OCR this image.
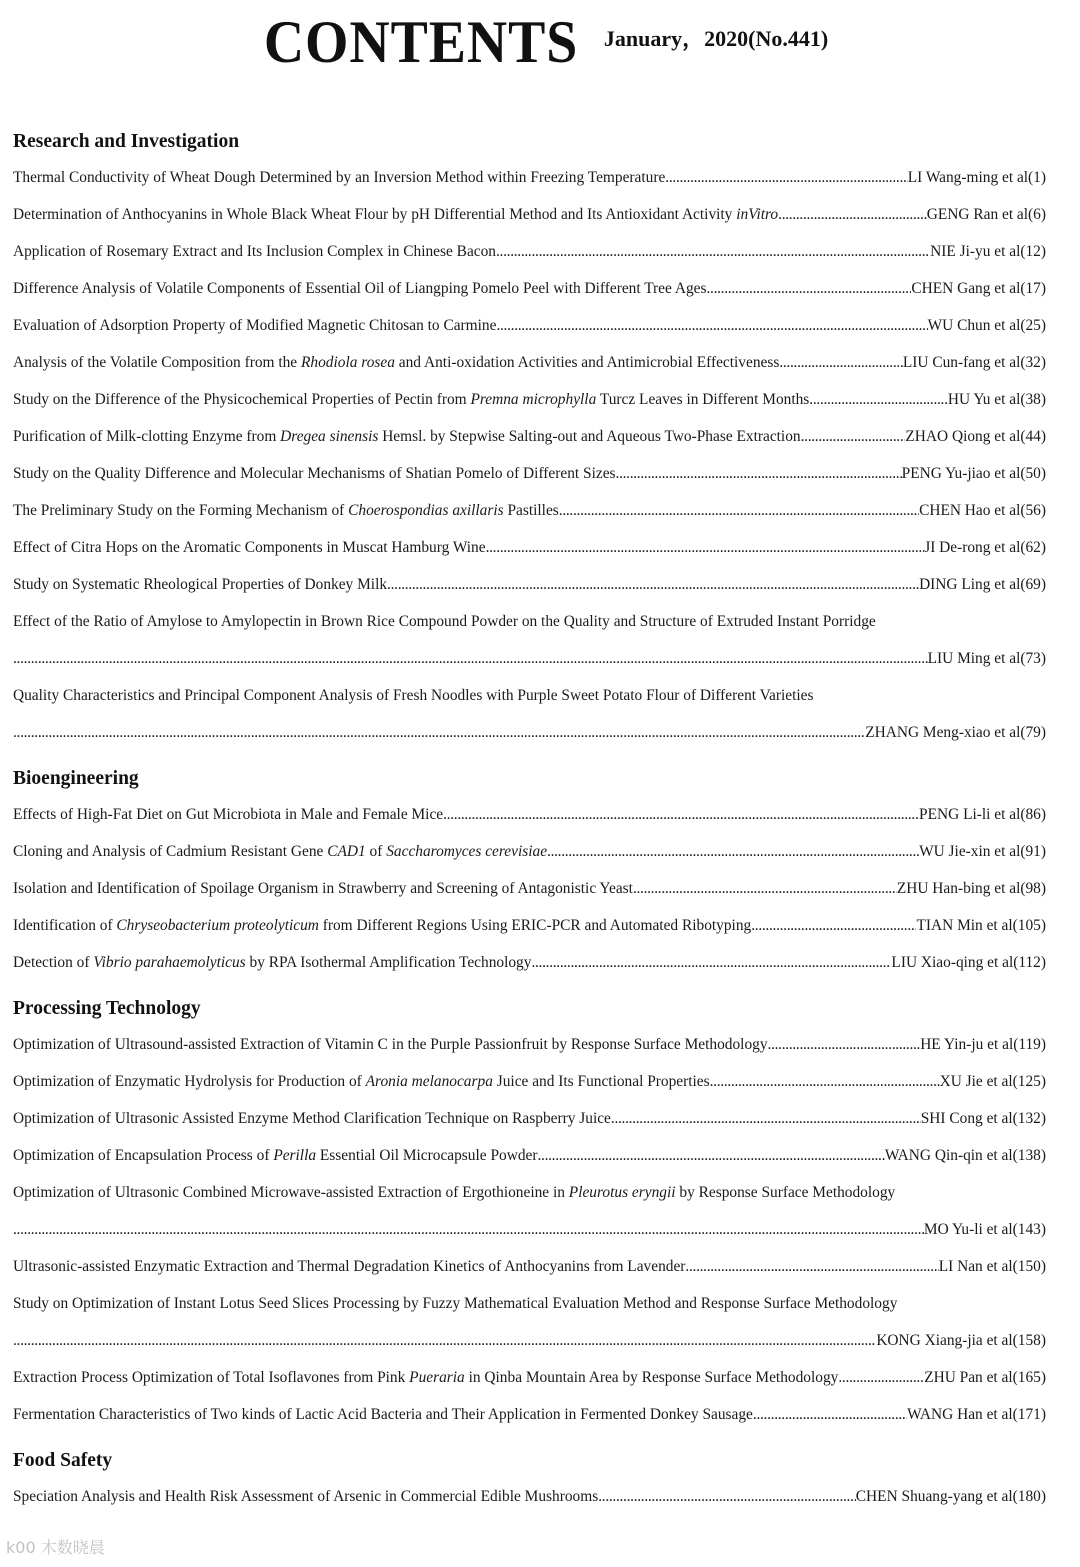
CONTENTS January，2020(No.441)
Research and Investigation
Thermal Conductivity of Wheat Dough Determined by an Inversion Method within Freezing Temperature .....	LI Wang-ming et al(1)
Determination of Anthocyanins in Whole Black Wheat Flour by pH Differential Method and Its Antioxidant Activity inVitro .....	GENG Ran et al(6)
Application of Rosemary Extract and Its Inclusion Complex in Chinese Bacon .....	NIE Ji-yu et al(12)
Difference Analysis of Volatile Components of Essential Oil of Liangping Pomelo Peel with Different Tree Ages .....	CHEN Gang et al(17)
Evaluation of Adsorption Property of Modified Magnetic Chitosan to Carmine .....	WU Chun et al(25)
Analysis of the Volatile Composition from the Rhodiola rosea and Anti-oxidation Activities and Antimicrobial Effectiveness .....	LIU Cun-fang et al(32)
Study on the Difference of the Physicochemical Properties of Pectin from Premna microphylla Turcz Leaves in Different Months .....	HU Yu et al(38)
Purification of Milk-clotting Enzyme from Dregea sinensis Hemsl. by Stepwise Salting-out and Aqueous Two-Phase Extraction .....	ZHAO Qiong et al(44)
Study on the Quality Difference and Molecular Mechanisms of Shatian Pomelo of Different Sizes .....	PENG Yu-jiao et al(50)
The Preliminary Study on the Forming Mechanism of Choerospondias axillaris Pastilles .....	CHEN Hao et al(56)
Effect of Citra Hops on the Aromatic Components in Muscat Hamburg Wine .....	JI De-rong et al(62)
Study on Systematic Rheological Properties of Donkey Milk .....	DING Ling et al(69)
Effect of the Ratio of Amylose to Amylopectin in Brown Rice Compound Powder on the Quality and Structure of Extruded Instant Porridge
.....
LIU Ming et al(73)
Quality Characteristics and Principal Component Analysis of Fresh Noodles with Purple Sweet Potato Flour of Different Varieties
.....
ZHANG Meng-xiao et al(79)
Bioengineering
Effects of High-Fat Diet on Gut Microbiota in Male and Female Mice .....	PENG Li-li et al(86)
Cloning and Analysis of Cadmium Resistant Gene CAD1 of Saccharomyces cerevisiae .....	WU Jie-xin et al(91)
Isolation and Identification of Spoilage Organism in Strawberry and Screening of Antagonistic Yeast .....	ZHU Han-bing et al(98)
Identification of Chryseobacterium proteolyticum from Different Regions Using ERIC-PCR and Automated Ribotyping .....	TIAN Min et al(105)
Detection of Vibrio parahaemolyticus by RPA Isothermal Amplification Technology .....	LIU Xiao-qing et al(112)
Processing Technology
Optimization of Ultrasound-assisted Extraction of Vitamin C in the Purple Passionfruit by Response Surface Methodology .....	HE Yin-ju et al(119)
Optimization of Enzymatic Hydrolysis for Production of Aronia melanocarpa Juice and Its Functional Properties .....	XU Jie et al(125)
Optimization of Ultrasonic Assisted Enzyme Method Clarification Technique on Raspberry Juice .....	SHI Cong et al(132)
Optimization of Encapsulation Process of Perilla Essential Oil Microcapsule Powder .....	WANG Qin-qin et al(138)
Optimization of Ultrasonic Combined Microwave-assisted Extraction of Ergothioneine in Pleurotus eryngii by Response Surface Methodology
.....
MO Yu-li et al(143)
Ultrasonic-assisted Enzymatic Extraction and Thermal Degradation Kinetics of Anthocyanins from Lavender .....	LI Nan et al(150)
Study on Optimization of Instant Lotus Seed Slices Processing by Fuzzy Mathematical Evaluation Method and Response Surface Methodology
.....
KONG Xiang-jia et al(158)
Extraction Process Optimization of Total Isoflavones from Pink Pueraria in Qinba Mountain Area by Response Surface Methodology .....	ZHU Pan et al(165)
Fermentation Characteristics of Two kinds of Lactic Acid Bacteria and Their Application in Fermented Donkey Sausage .....	WANG Han et al(171)
Food Safety
Speciation Analysis and Health Risk Assessment of Arsenic in Commercial Edible Mushrooms .....	CHEN Shuang-yang et al(180)
k00 木数晓晨
